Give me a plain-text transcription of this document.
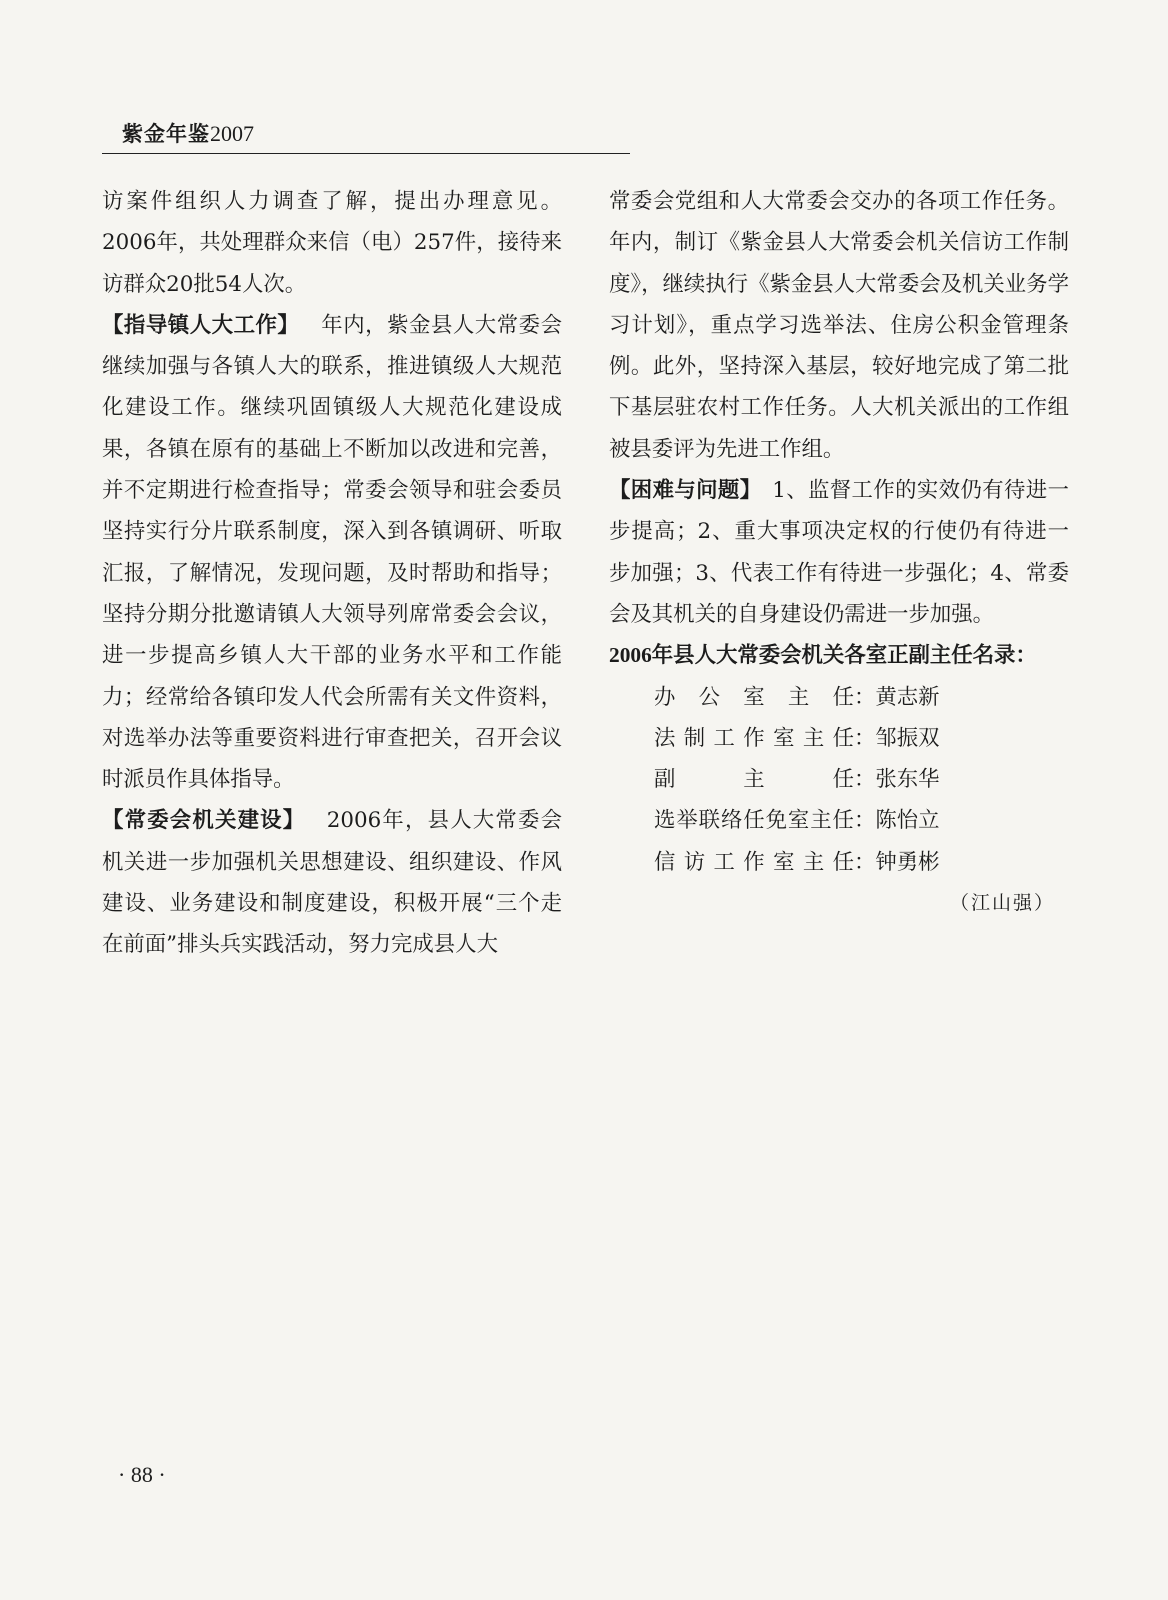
紫金年鉴2007

访案件组织人力调查了解，提出办理意见。2006年，共处理群众来信（电）257件，接待来访群众20批54人次。

【指导镇人大工作】  年内，紫金县人大常委会继续加强与各镇人大的联系，推进镇级人大规范化建设工作。继续巩固镇级人大规范化建设成果，各镇在原有的基础上不断加以改进和完善，并不定期进行检查指导；常委会领导和驻会委员坚持实行分片联系制度，深入到各镇调研、听取汇报，了解情况，发现问题，及时帮助和指导；坚持分期分批邀请镇人大领导列席常委会会议，进一步提高乡镇人大干部的业务水平和工作能力；经常给各镇印发人代会所需有关文件资料，对选举办法等重要资料进行审查把关，召开会议时派员作具体指导。

【常委会机关建设】  2006年，县人大常委会机关进一步加强机关思想建设、组织建设、作风建设、业务建设和制度建设，积极开展“三个走在前面”排头兵实践活动，努力完成县人大

常委会党组和人大常委会交办的各项工作任务。年内，制订《紫金县人大常委会机关信访工作制度》，继续执行《紫金县人大常委会及机关业务学习计划》，重点学习选举法、住房公积金管理条例。此外，坚持深入基层，较好地完成了第二批下基层驻农村工作任务。人大机关派出的工作组被县委评为先进工作组。

【困难与问题】  1、监督工作的实效仍有待进一步提高；2、重大事项决定权的行使仍有待进一步加强；3、代表工作有待进一步强化；4、常委会及其机关的自身建设仍需进一步加强。

2006年县人大常委会机关各室正副主任名录：

办 公 室 主 任 ：黄志新
法 制 工 作 室 主 任 ：邹振双
副	主	任 ：张东华
选 举 联 络 任 免 室 主 任 ：陈怡立
信 访 工 作 室 主 任 ：钟勇彬

（江山强）

· 88 ·
